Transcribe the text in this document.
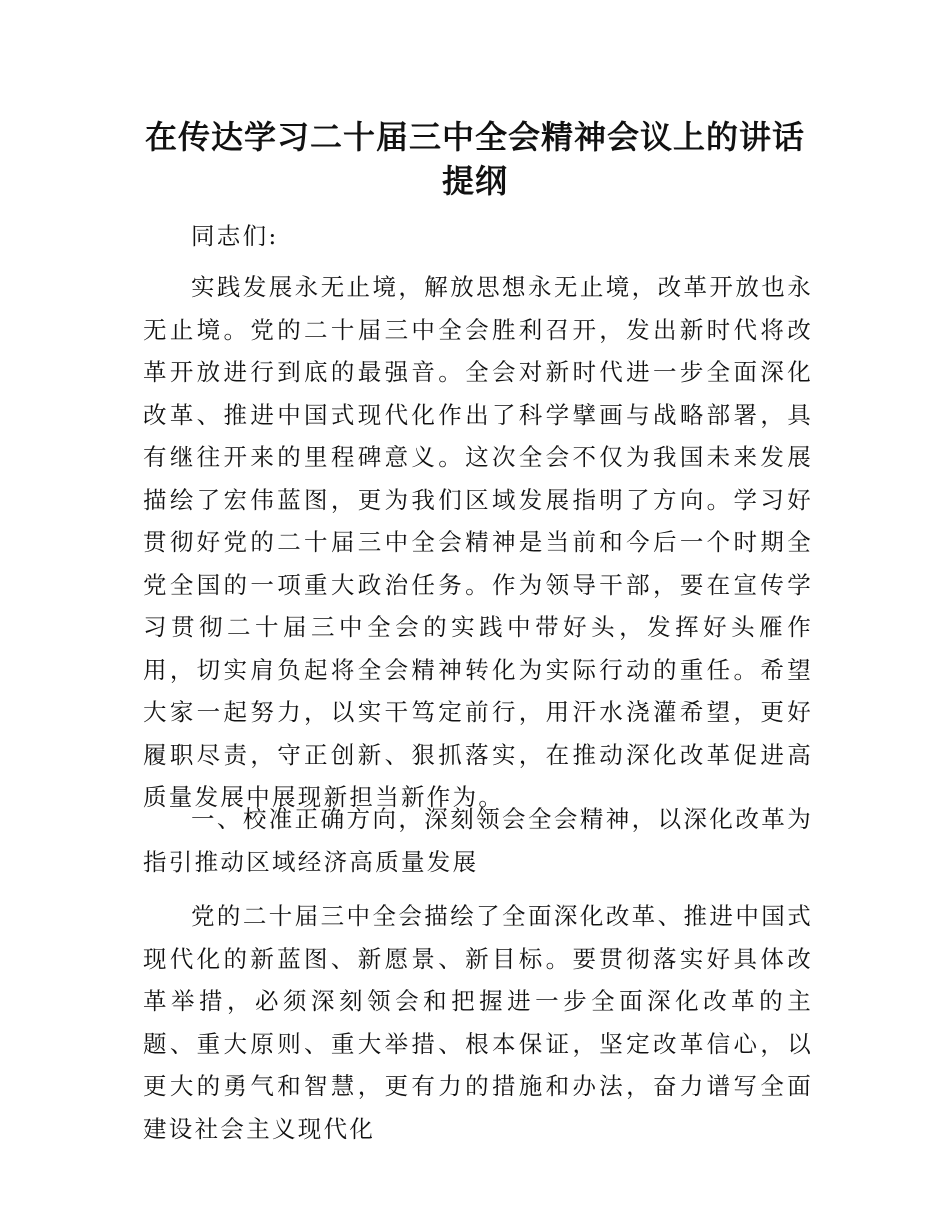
在传达学习二十届三中全会精神会议上的讲话
提纲

同志们:

实践发展永无止境，解放思想永无止境，改革开放也永无止境。党的二十届三中全会胜利召开，发出新时代将改革开放进行到底的最强音。全会对新时代进一步全面深化改革、推进中国式现代化作出了科学擘画与战略部署，具有继往开来的里程碑意义。这次全会不仅为我国未来发展描绘了宏伟蓝图，更为我们区域发展指明了方向。学习好贯彻好党的二十届三中全会精神是当前和今后一个时期全党全国的一项重大政治任务。作为领导干部，要在宣传学习贯彻二十届三中全会的实践中带好头，发挥好头雁作用，切实肩负起将全会精神转化为实际行动的重任。希望大家一起努力，以实干笃定前行，用汗水浇灌希望，更好履职尽责，守正创新、狠抓落实，在推动深化改革促进高质量发展中展现新担当新作为。

一、校准正确方向，深刻领会全会精神，以深化改革为指引推动区域经济高质量发展

党的二十届三中全会描绘了全面深化改革、推进中国式现代化的新蓝图、新愿景、新目标。要贯彻落实好具体改革举措，必须深刻领会和把握进一步全面深化改革的主题、重大原则、重大举措、根本保证，坚定改革信心，以更大的勇气和智慧，更有力的措施和办法，奋力谱写全面建设社会主义现代化
